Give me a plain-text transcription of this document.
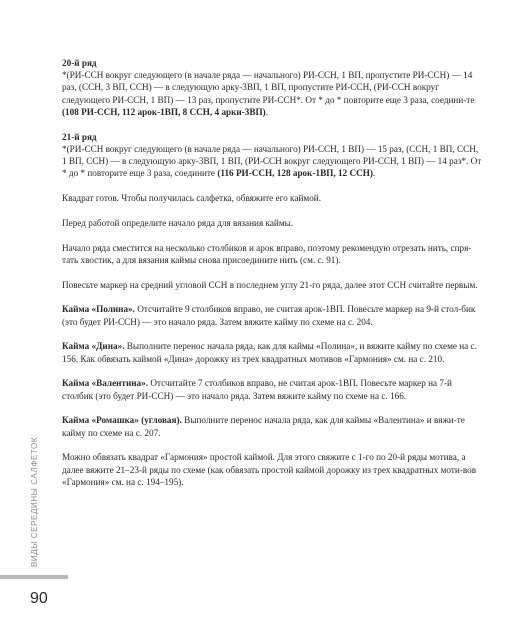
20-й ряд
*(РИ-ССН вокруг следующего (в начале ряда — начального) РИ-ССН, 1 ВП, пропустите РИ-ССН) — 14 раз, (ССН, 3 ВП, ССН) — в следующую арку-3ВП, 1 ВП, пропустите РИ-ССН, (РИ-ССН вокруг следующего РИ-ССН, 1 ВП) — 13 раз, пропустите РИ-ССН*. От * до * повторите еще 3 раза, соедини-те (108 РИ-ССН, 112 арок-1ВП, 8 ССН, 4 арки-3ВП).

21-й ряд
*(РИ-ССН вокруг следующего (в начале ряда — начального) РИ-ССН, 1 ВП) — 15 раз, (ССН, 1 ВП, ССН, 1 ВП, ССН) — в следующую арку-3ВП, 1 ВП, (РИ-ССН вокруг следующего РИ-ССН, 1 ВП) — 14 раз*. От * до * повторите еще 3 раза, соедините (116 РИ-ССН, 128 арок-1ВП, 12 ССН).

Квадрат готов. Чтобы получилась салфетка, обвяжите его каймой.

Перед работой определите начало ряда для вязания каймы.

Начало ряда сместится на несколько столбиков и арок вправо, поэтому рекомендую отрезать нить, спря-тать хвостик, а для вязания каймы снова присоедините нить (см. с. 91).

Повесьте маркер на средний угловой ССН в последнем углу 21-го ряда, далее этот ССН считайте первым.

Кайма «Полина». Отсчитайте 9 столбиков вправо, не считая арок-1ВП. Повесьте маркер на 9-й стол-бик (это будет РИ-ССН) — это начало ряда. Затем вяжите кайму по схеме на с. 204.

Кайма «Дина». Выполните перенос начала ряда, как для каймы «Полина», и вяжите кайму по схеме на с. 156. Как обвязать каймой «Дина» дорожку из трех квадратных мотивов «Гармония» см. на с. 210.

Кайма «Валентина». Отсчитайте 7 столбиков вправо, не считая арок-1ВП. Повесьте маркер на 7-й столбик (это будет РИ-ССН) — это начало ряда. Затем вяжите кайму по схеме на с. 166.

Кайма «Ромашка» (угловая). Выполните перенос начала ряда, как для каймы «Валентина» и вяжи-те кайму по схеме на с. 207.

Можно обвязать квадрат «Гармония» простой каймой. Для этого свяжите с 1-го по 20-й ряды мотива, а далее вяжите 21–23-й ряды по схеме (как обвязать простой каймой дорожку из трех квадратных моти-вов «Гармония» см. на с. 194–195).

ВИДЫ СЕРЕДИНЫ САЛФЕТОК
90
